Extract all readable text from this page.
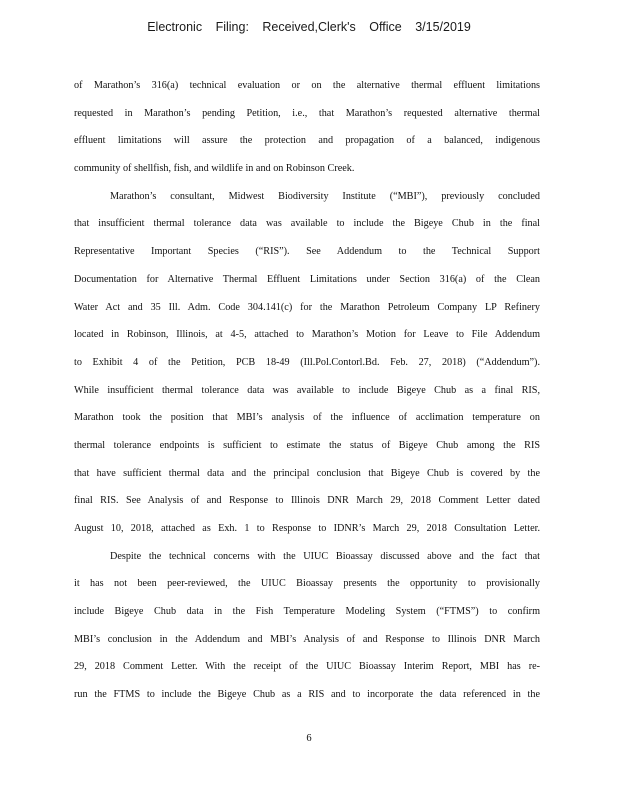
Electronic Filing: Received,Clerk's Office 3/15/2019
of Marathon’s 316(a) technical evaluation or on the alternative thermal effluent limitations
requested in Marathon’s pending Petition, i.e., that Marathon’s requested alternative thermal
effluent limitations will assure the protection and propagation of a balanced, indigenous
community of shellfish, fish, and wildlife in and on Robinson Creek.
Marathon’s consultant, Midwest Biodiversity Institute (“MBI”), previously concluded
that insufficient thermal tolerance data was available to include the Bigeye Chub in the final
Representative Important Species (“RIS”). See Addendum to the Technical Support
Documentation for Alternative Thermal Effluent Limitations under Section 316(a) of the Clean
Water Act and 35 Ill. Adm. Code 304.141(c) for the Marathon Petroleum Company LP Refinery
located in Robinson, Illinois, at 4-5, attached to Marathon’s Motion for Leave to File Addendum
to Exhibit 4 of the Petition, PCB 18-49 (Ill.Pol.Contorl.Bd. Feb. 27, 2018) (“Addendum”).
While insufficient thermal tolerance data was available to include Bigeye Chub as a final RIS,
Marathon took the position that MBI’s analysis of the influence of acclimation temperature on
thermal tolerance endpoints is sufficient to estimate the status of Bigeye Chub among the RIS
that have sufficient thermal data and the principal conclusion that Bigeye Chub is covered by the
final RIS. See Analysis of and Response to Illinois DNR March 29, 2018 Comment Letter dated
August 10, 2018, attached as Exh. 1 to Response to IDNR’s March 29, 2018 Consultation Letter.
Despite the technical concerns with the UIUC Bioassay discussed above and the fact that
it has not been peer-reviewed, the UIUC Bioassay presents the opportunity to provisionally
include Bigeye Chub data in the Fish Temperature Modeling System (“FTMS”) to confirm
MBI’s conclusion in the Addendum and MBI’s Analysis of and Response to Illinois DNR March
29, 2018 Comment Letter. With the receipt of the UIUC Bioassay Interim Report, MBI has re-
run the FTMS to include the Bigeye Chub as a RIS and to incorporate the data referenced in the
6
